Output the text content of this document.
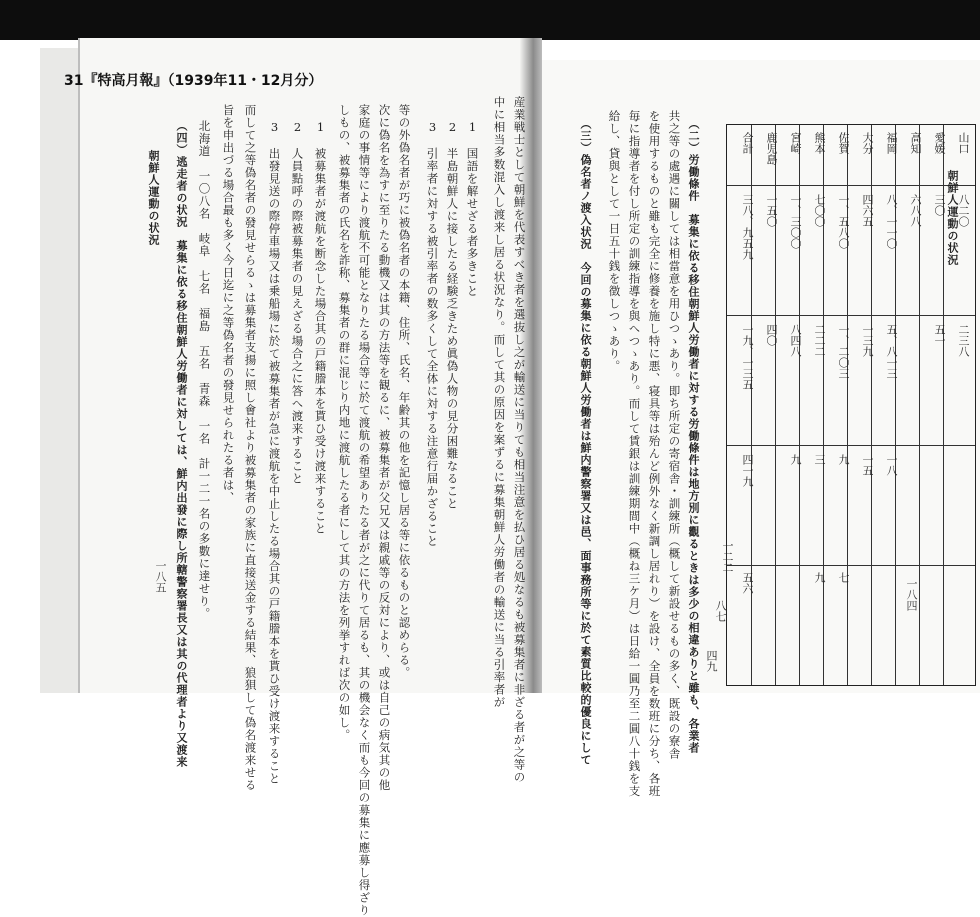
31『特高月報』（1939年11・12月分）
産業戦士として朝鮮を代表すべき者を選抜し之が輸送に当りても相当注意を払ひ居る処なるも被募集者に非ざる者が之等の
中に相当多数混入し渡来し居る状況なり。而して其の原因を案ずるに募集朝鮮人労働者の輸送に当る引率者が
1　国語を解せざる者多きこと
2　半島朝鮮人に接したる経験乏きため眞偽人物の見分困難なること
3　引率者に対する被引率者の数多くして全体に対する注意行届かざること
等の外偽名者が巧に被偽名者の本籍、住所、氏名、年齢其の他を記憶し居る等に依るものと認めらる。
次に偽名を為すに至りたる動機又は其の方法等を観るに、被募集者が父兄又は親戚等の反対により、或は自己の病気其の他
家庭の事情等により渡航不可能となりたる場合等に於て渡航の希望ありたる者が之に代りて居るも、其の機会なく而も今回の募集に應募し得ざり
しもの、被募集者の氏名を詐称、募集者の群に混じり内地に渡航したる者にして其の方法を列挙すれば次の如し。
1　被募集者が渡航を断念した場合其の戸籍謄本を貰ひ受け渡来すること
2　人員點呼の際被募集者の見えざる場合之に答へ渡来すること
3　出發見送の際停車場又は乗船場に於て被募集者が急に渡航を中止したる場合其の戸籍謄本を貰ひ受け渡来すること
而して之等偽名者の發見せらるゝは募集者支揚に照し會社より被募集者の家族に直接送金する結果、狼狽して偽名渡来せる
旨を申出づる場合最も多く今日迄に之等偽名者の發見せられたる者は、
北海道　一〇八名　岐阜　七名　福島　五名　青森　一名　計一二一名の多數に達せり。
（四）逃走者の状況　募集に依る移住朝鮮人労働者に対しては、鮮内出發に際し所轄警察署長又は其の代理者より又渡来
朝鮮人運動の状況
一八五	（二）労働條件　募集に依る移住朝鮮人労働者に対する労働條件は地方別に觀るときは多少の相違ありと雖も、各業者
共之等の處遇に關しては相當意を用ひつゝあり。即ち所定の寄宿舎・訓練所（概して新設せるもの多く、既設の寮舎
を使用するものと雖も完全に修養を施し特に悪、寝具等は殆んど例外なく新調し居れり）を設け、全員を数班に分ち、各班
毎に指導者を付し所定の訓練指導を與へつゝあり。而して賃銀は訓練期間中（概ね三ケ月）は日給一圓乃至二圓八十銭を支
給し、貸與として一日五十銭を徴しつゝあり。
（三）偽名者ノ渡入状況　今回の募集に依る朝鮮人労働者は鮮内警察署又は邑、面事務所等に於て素質比較的優良にして	山口
八二〇
二三八
愛媛
三〇
五一
高知
六八八
福岡
八、一一〇
五、八一三
一八
大分
四六五
一三九
一五
佐賀
一、五八〇
一、二〇三
九
七
熊本
七〇〇
二二二
三
九
宮崎
一、三〇〇
八四八
九
鹿児島
一五〇
四〇
合計
三八、九五九
一九、一三五
四一九
五六
一二二
八七
四九
朝鮮人運動の状況
一八四
